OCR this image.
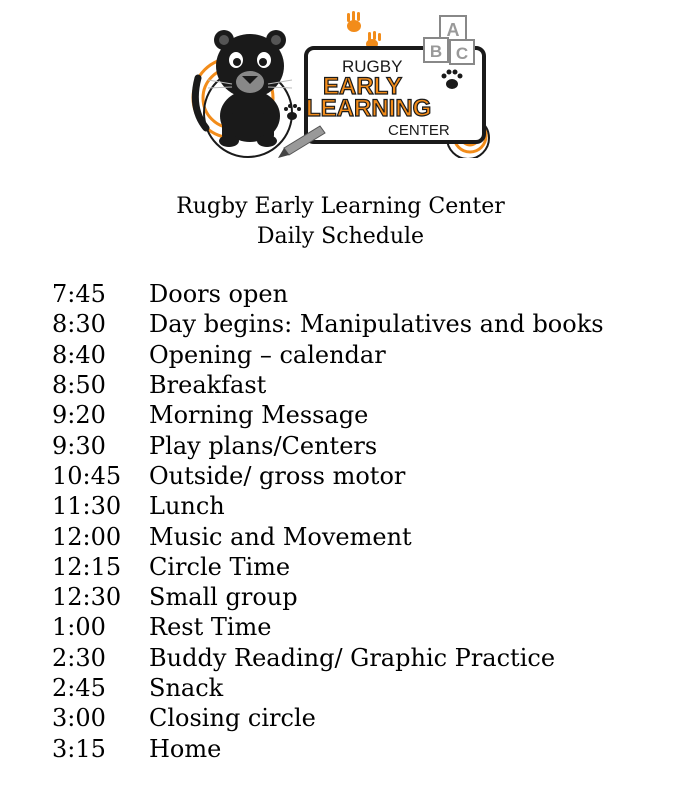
A
B C
RUGBY
EARLY
LEARNING
CENTER
Rugby Early Learning Center
Daily Schedule
7:45	Doors open
8:30	Day begins: Manipulatives and books
8:40	Opening – calendar
8:50	Breakfast
9:20	Morning Message
9:30	Play plans/Centers
10:45	Outside/ gross motor
11:30	Lunch
12:00	Music and Movement
12:15	Circle Time
12:30	Small group
1:00	Rest Time
2:30	Buddy Reading/ Graphic Practice
2:45	Snack
3:00	Closing circle
3:15	Home
